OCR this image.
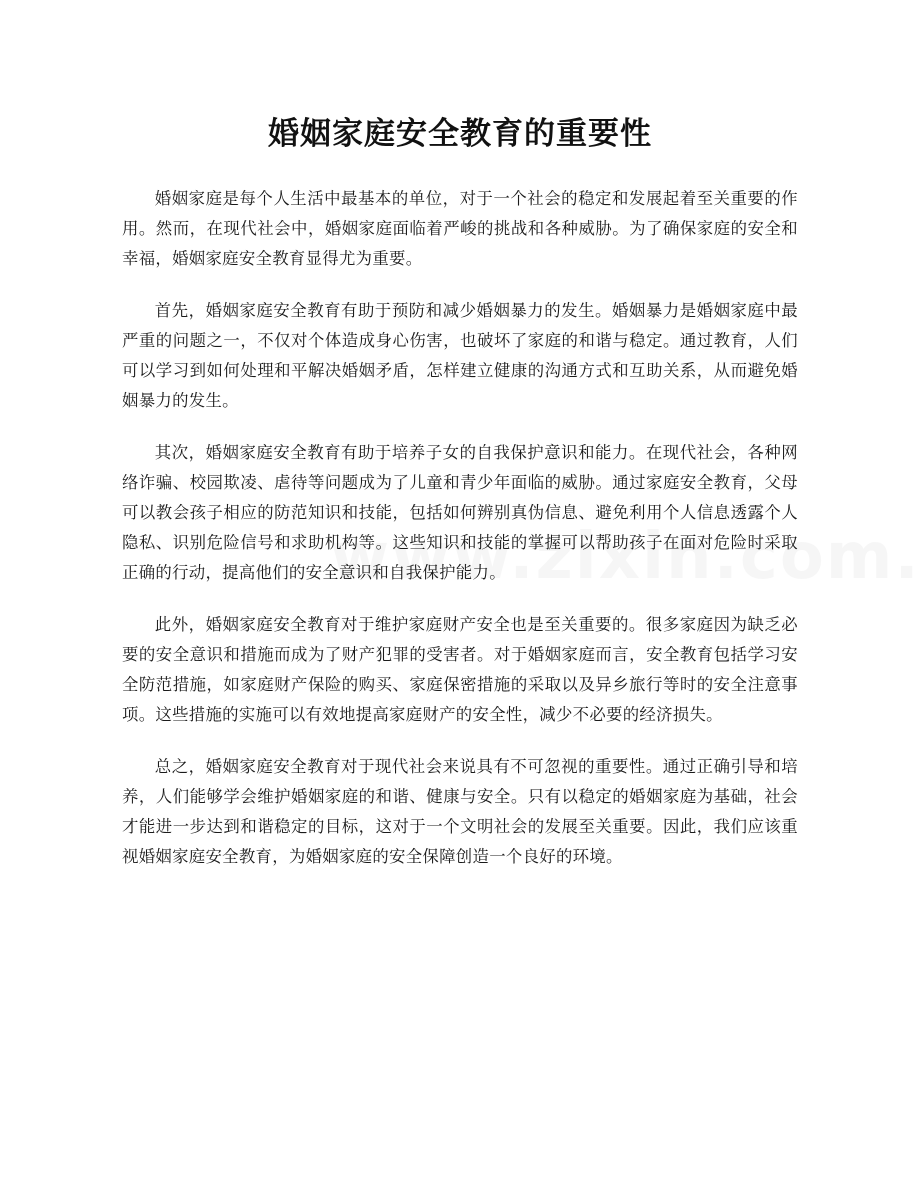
婚姻家庭安全教育的重要性

婚姻家庭是每个人生活中最基本的单位，对于一个社会的稳定和发展起着至关重要的作用。然而，在现代社会中，婚姻家庭面临着严峻的挑战和各种威胁。为了确保家庭的安全和幸福，婚姻家庭安全教育显得尤为重要。

首先，婚姻家庭安全教育有助于预防和减少婚姻暴力的发生。婚姻暴力是婚姻家庭中最严重的问题之一，不仅对个体造成身心伤害，也破坏了家庭的和谐与稳定。通过教育，人们可以学习到如何处理和平解决婚姻矛盾，怎样建立健康的沟通方式和互助关系，从而避免婚姻暴力的发生。

其次，婚姻家庭安全教育有助于培养子女的自我保护意识和能力。在现代社会，各种网络诈骗、校园欺凌、虐待等问题成为了儿童和青少年面临的威胁。通过家庭安全教育，父母可以教会孩子相应的防范知识和技能，包括如何辨别真伪信息、避免利用个人信息透露个人隐私、识别危险信号和求助机构等。这些知识和技能的掌握可以帮助孩子在面对危险时采取正确的行动，提高他们的安全意识和自我保护能力。

此外，婚姻家庭安全教育对于维护家庭财产安全也是至关重要的。很多家庭因为缺乏必要的安全意识和措施而成为了财产犯罪的受害者。对于婚姻家庭而言，安全教育包括学习安全防范措施，如家庭财产保险的购买、家庭保密措施的采取以及异乡旅行等时的安全注意事项。这些措施的实施可以有效地提高家庭财产的安全性，减少不必要的经济损失。

总之，婚姻家庭安全教育对于现代社会来说具有不可忽视的重要性。通过正确引导和培养，人们能够学会维护婚姻家庭的和谐、健康与安全。只有以稳定的婚姻家庭为基础，社会才能进一步达到和谐稳定的目标，这对于一个文明社会的发展至关重要。因此，我们应该重视婚姻家庭安全教育，为婚姻家庭的安全保障创造一个良好的环境。
